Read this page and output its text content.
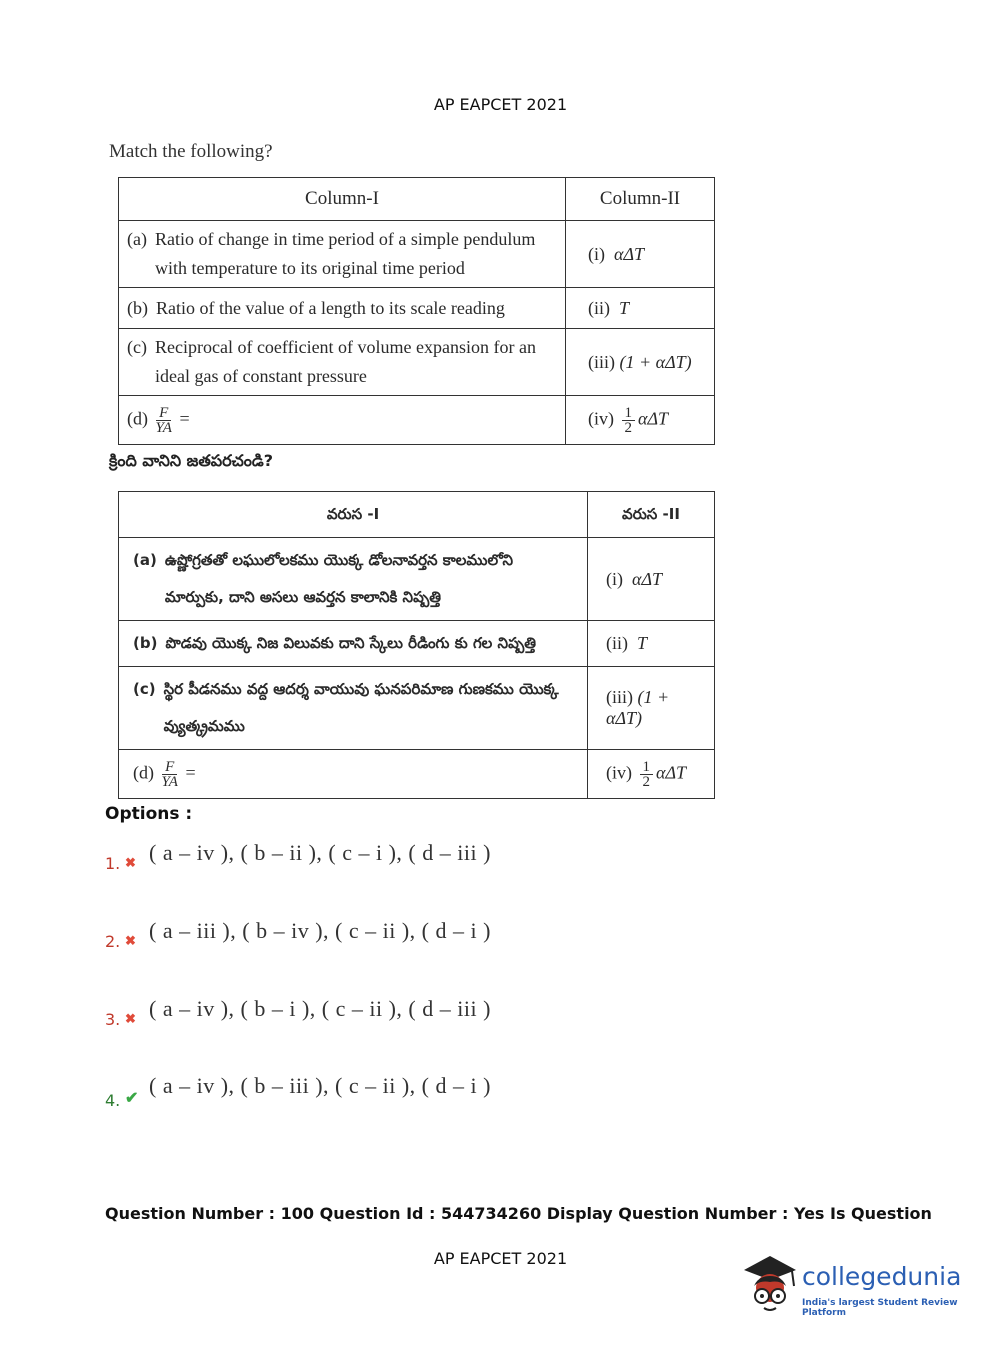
AP EAPCET 2021
Match the following?
Column-I	Column-II

(a) Ratio of change in time period of a simple pendulum with temperature to its original time period	(i) αΔT

(b) Ratio of the value of a length to its scale reading	(ii) T

(c) Reciprocal of coefficient of volume expansion for an ideal gas of constant pressure	(iii) (1 + αΔT)
$(d) \frac{F}{YA}$ =	$(iv) \frac{1}{2}$ αΔT
క్రింది వానిని జతపరచండి?
వరుస -I	వరుస -II

(a) ఉష్ణోగ్రతతో లఘులోలకము యొక్క డోలనావర్తన కాలములోని మార్పుకు, దాని అసలు ఆవర్తన కాలానికి నిష్పత్తి	(i) αΔT

(b) పొడవు యొక్క నిజ విలువకు దాని స్కేలు రీడింగు కు గల నిష్పత్తి	(ii) T

(c) స్థిర పీడనము వద్ద ఆదర్శ వాయువు ఘనపరిమాణ గుణకము యొక్క వ్యుత్క్రమము	(iii) (1 + αΔT)
$(d) \frac{F}{YA}$ =	$(iv) \frac{1}{2}$ αΔT
Options :
1. ✖ ( a – iv ), ( b – ii ), ( c – i ), ( d – iii )
2. ✖ ( a – iii ), ( b – iv ), ( c – ii ), ( d – i )
3. ✖ ( a – iv ), ( b – i ), ( c – ii ), ( d – iii )
4. ✔
( a – iv ), ( b – iii ), ( c – ii ), ( d – i )
Question Number : 100 Question Id : 544734260 Display Question Number : Yes Is Question
AP EAPCET 2021
collegedunia
India's largest Student Review Platform
